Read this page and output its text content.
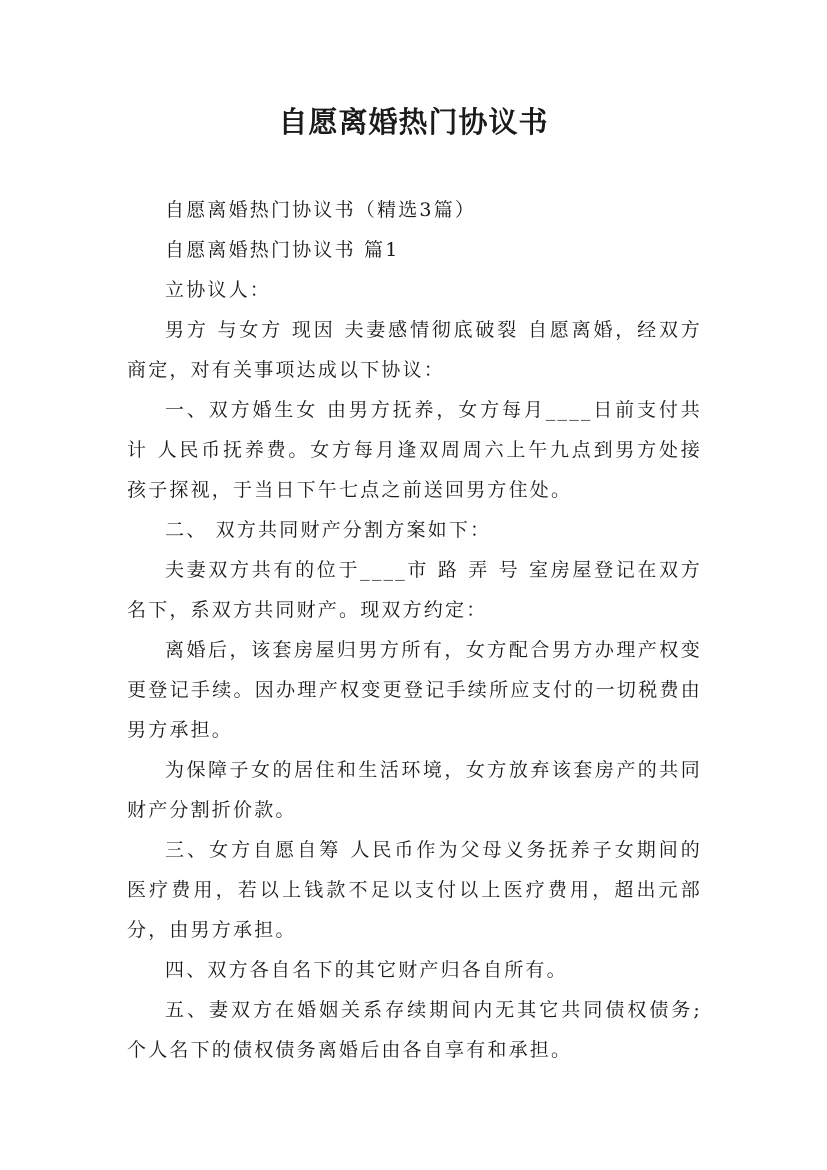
自愿离婚热门协议书

自愿离婚热门协议书（精选3篇）

自愿离婚热门协议书 篇1

立协议人：

男方 与女方 现因 夫妻感情彻底破裂 自愿离婚，经双方商定，对有关事项达成以下协议：

一、双方婚生女 由男方抚养，女方每月____日前支付共计 人民币抚养费。女方每月逢双周周六上午九点到男方处接孩子探视，于当日下午七点之前送回男方住处。

二、 双方共同财产分割方案如下：

夫妻双方共有的位于____市 路 弄 号 室房屋登记在双方名下，系双方共同财产。现双方约定：

离婚后，该套房屋归男方所有，女方配合男方办理产权变更登记手续。因办理产权变更登记手续所应支付的一切税费由男方承担。

为保障子女的居住和生活环境，女方放弃该套房产的共同财产分割折价款。

三、女方自愿自筹 人民币作为父母义务抚养子女期间的医疗费用，若以上钱款不足以支付以上医疗费用，超出元部分，由男方承担。

四、双方各自名下的其它财产归各自所有。

五、妻双方在婚姻关系存续期间内无其它共同债权债务;个人名下的债权债务离婚后由各自享有和承担。
